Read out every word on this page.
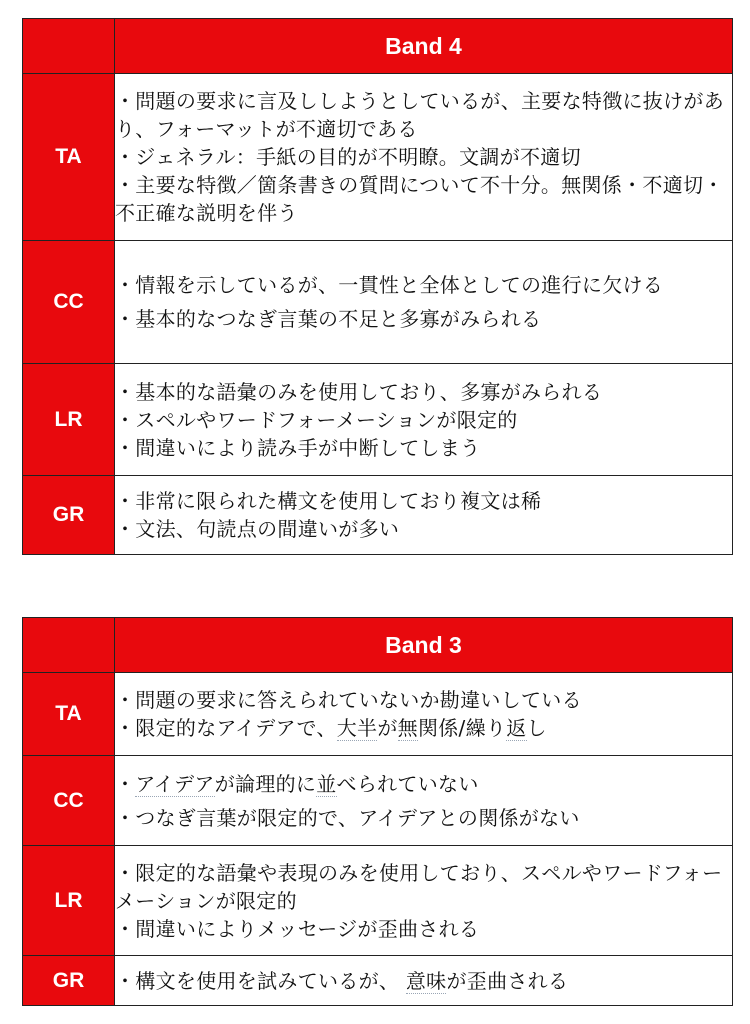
	Band 4
TA	・問題の要求に言及ししようとしているが、主要な特徴に抜けがあり、フォーマットが不適切である
・ジェネラル：手紙の目的が不明瞭。文調が不適切
・主要な特徴／箇条書きの質問について不十分。無関係・不適切・不正確な説明を伴う

CC	・情報を示しているが、一貫性と全体としての進行に欠ける
・基本的なつなぎ言葉の不足と多寡がみられる

LR	・基本的な語彙のみを使用しており、多寡がみられる
・スペルやワードフォーメーションが限定的
・間違いにより読み手が中断してしまう

GR	・非常に限られた構文を使用しており複文は稀
・文法、句読点の間違いが多い
	Band 3
TA	・問題の要求に答えられていないか勘違いしている
・限定的なアイデアで、大半が無関係/繰り返し

CC	・アイデアが論理的に並べられていない
・つなぎ言葉が限定的で、アイデアとの関係がない

LR	・限定的な語彙や表現のみを使用しており、スペルやワードフォーメーションが限定的
・間違いによりメッセージが歪曲される

GR	・構文を使用を試みているが、 意味が歪曲される
